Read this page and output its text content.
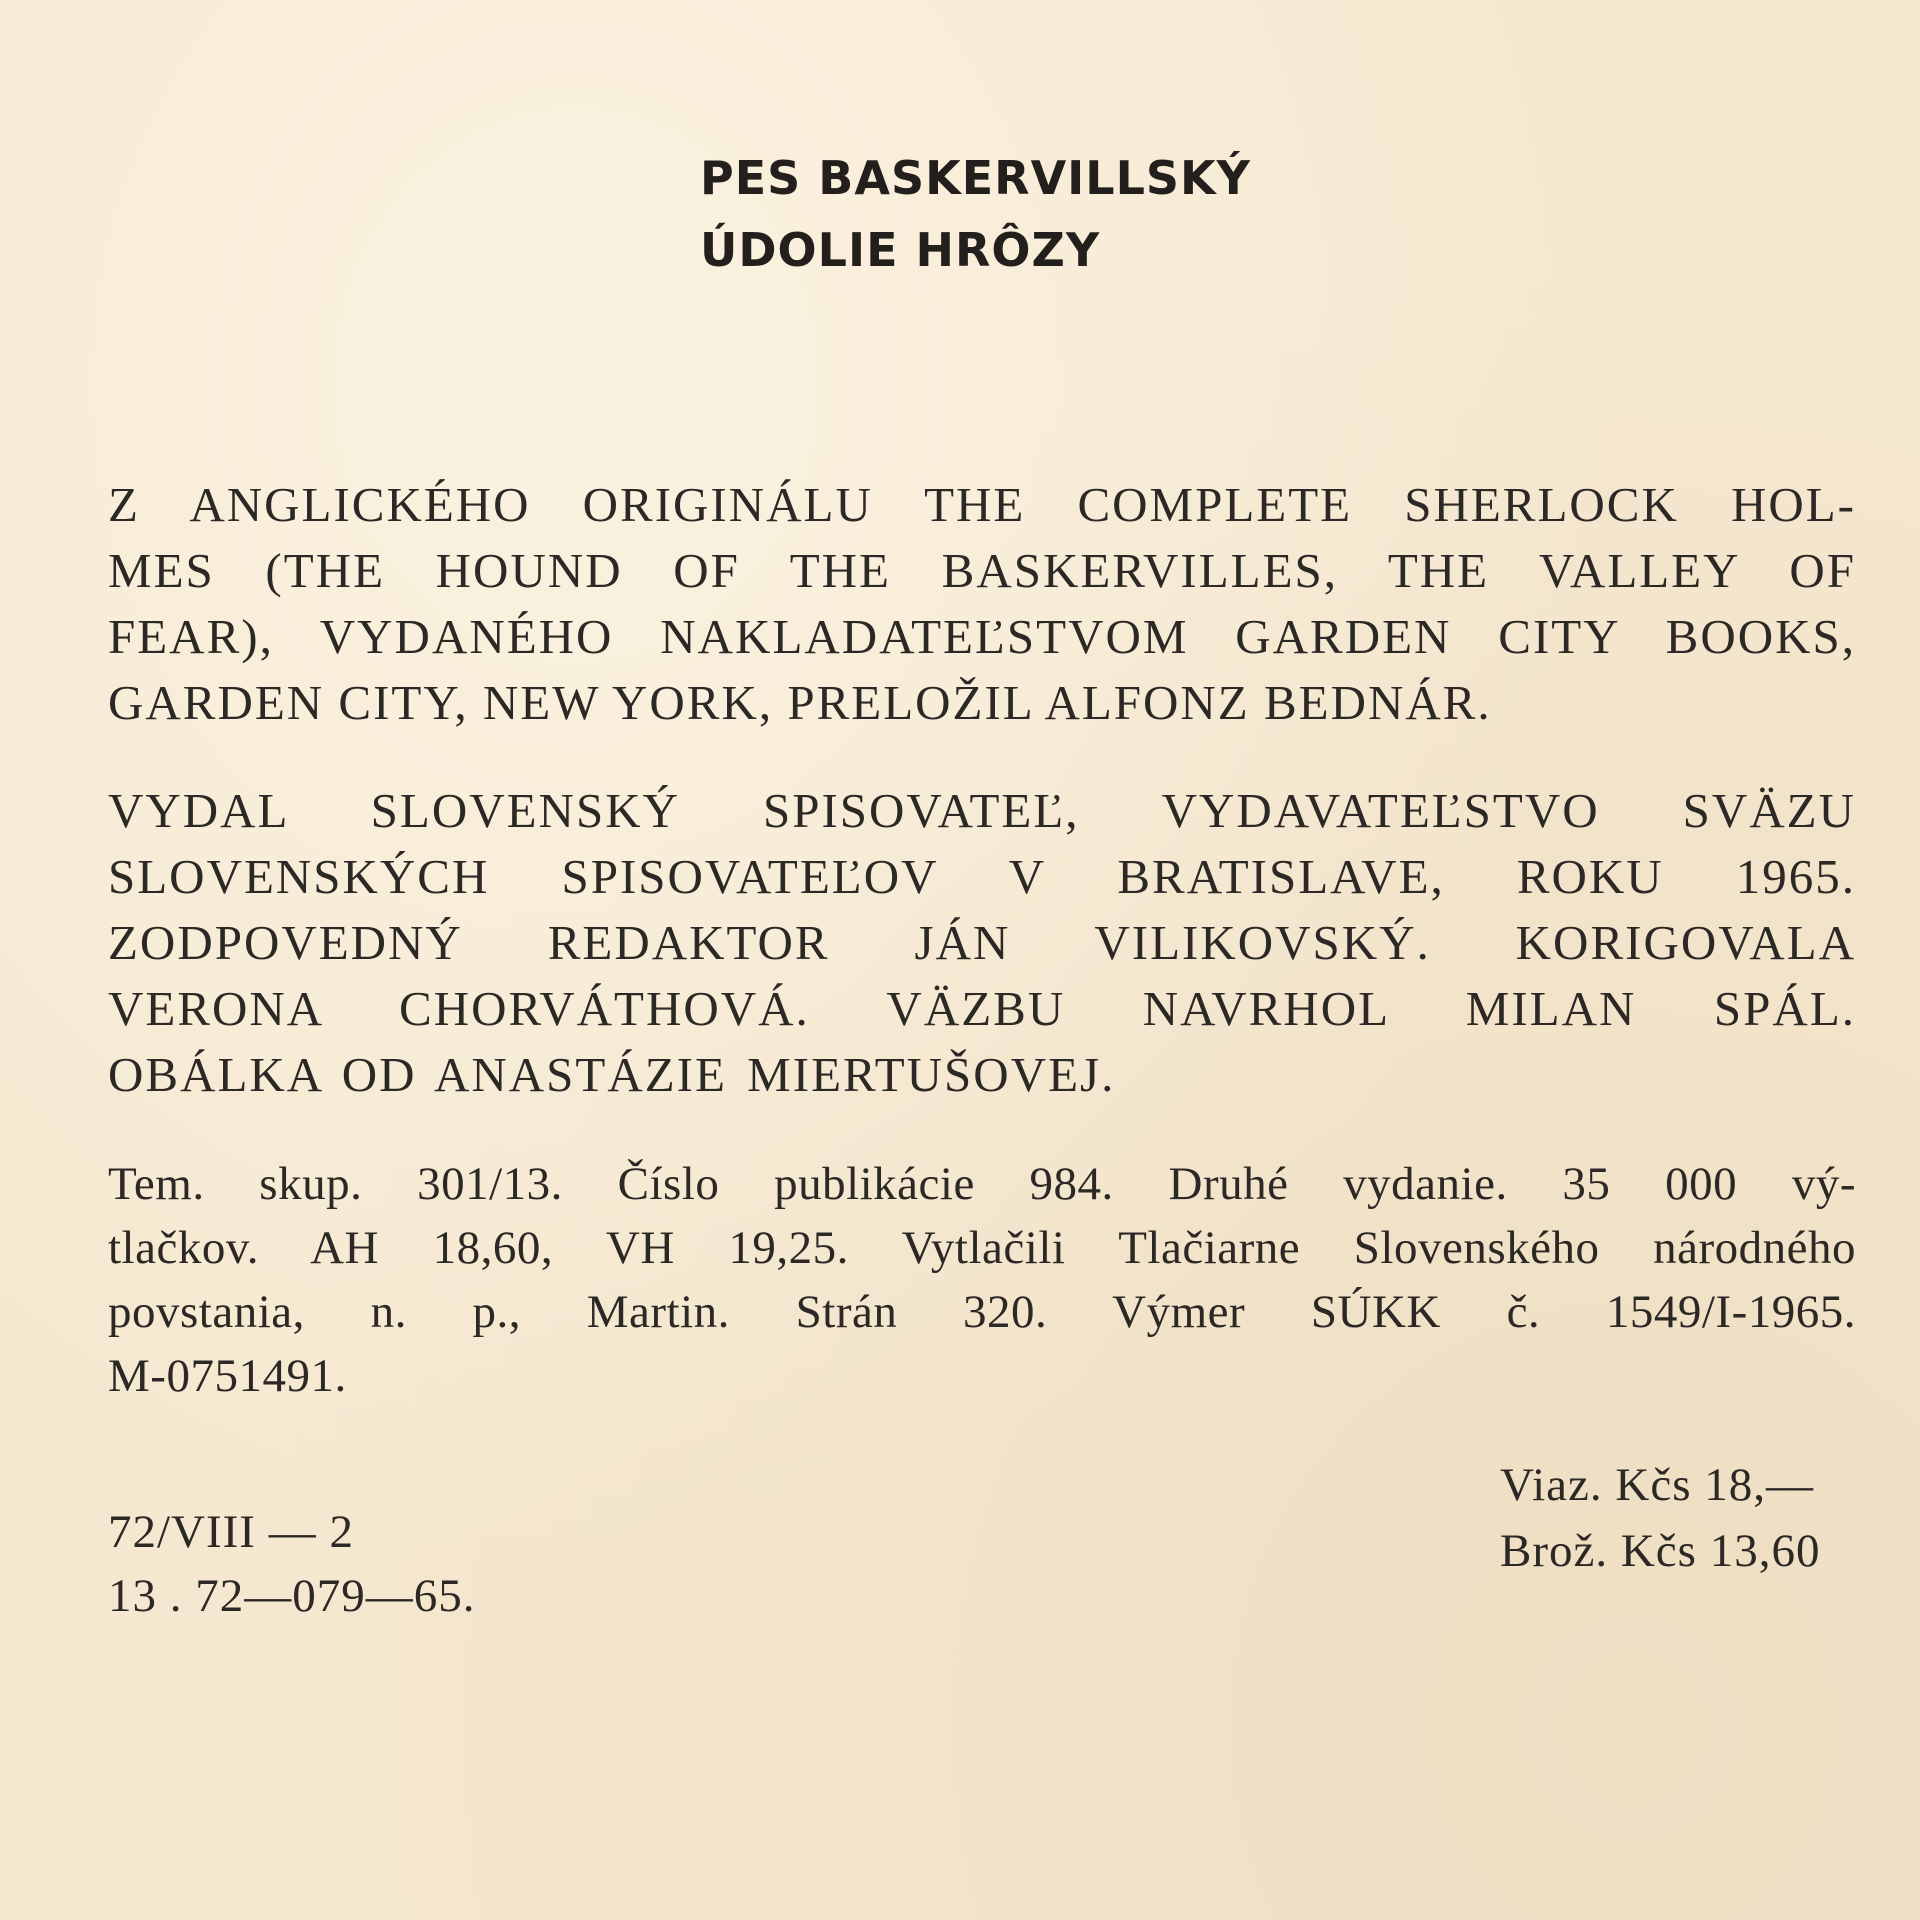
PES BASKERVILLSKÝ
ÚDOLIE HRÔZY
Z ANGLICKÉHO ORIGINÁLU THE COMPLETE SHERLOCK HOL-
MES (THE HOUND OF THE BASKERVILLES, THE VALLEY OF
FEAR), VYDANÉHO NAKLADATEĽSTVOM GARDEN CITY BOOKS,
GARDEN CITY, NEW YORK, PRELOŽIL ALFONZ BEDNÁR.
VYDAL SLOVENSKÝ SPISOVATEĽ, VYDAVATEĽSTVO SVÄZU
SLOVENSKÝCH SPISOVATEĽOV V BRATISLAVE, ROKU 1965.
ZODPOVEDNÝ REDAKTOR JÁN VILIKOVSKÝ. KORIGOVALA
VERONA CHORVÁTHOVÁ. VÄZBU NAVRHOL MILAN SPÁL.
OBÁLKA OD ANASTÁZIE MIERTUŠOVEJ.
Tem. skup. 301/13. Číslo publikácie 984. Druhé vydanie. 35 000 vý-
tlačkov. AH 18,60, VH 19,25. Vytlačili Tlačiarne Slovenského národného
povstania, n. p., Martin. Strán 320. Výmer SÚKK č. 1549/I-1965.
M-0751491.
72/VIII — 2
13 . 72—079—65.
Viaz. Kčs 18,—
Brož. Kčs 13,60
